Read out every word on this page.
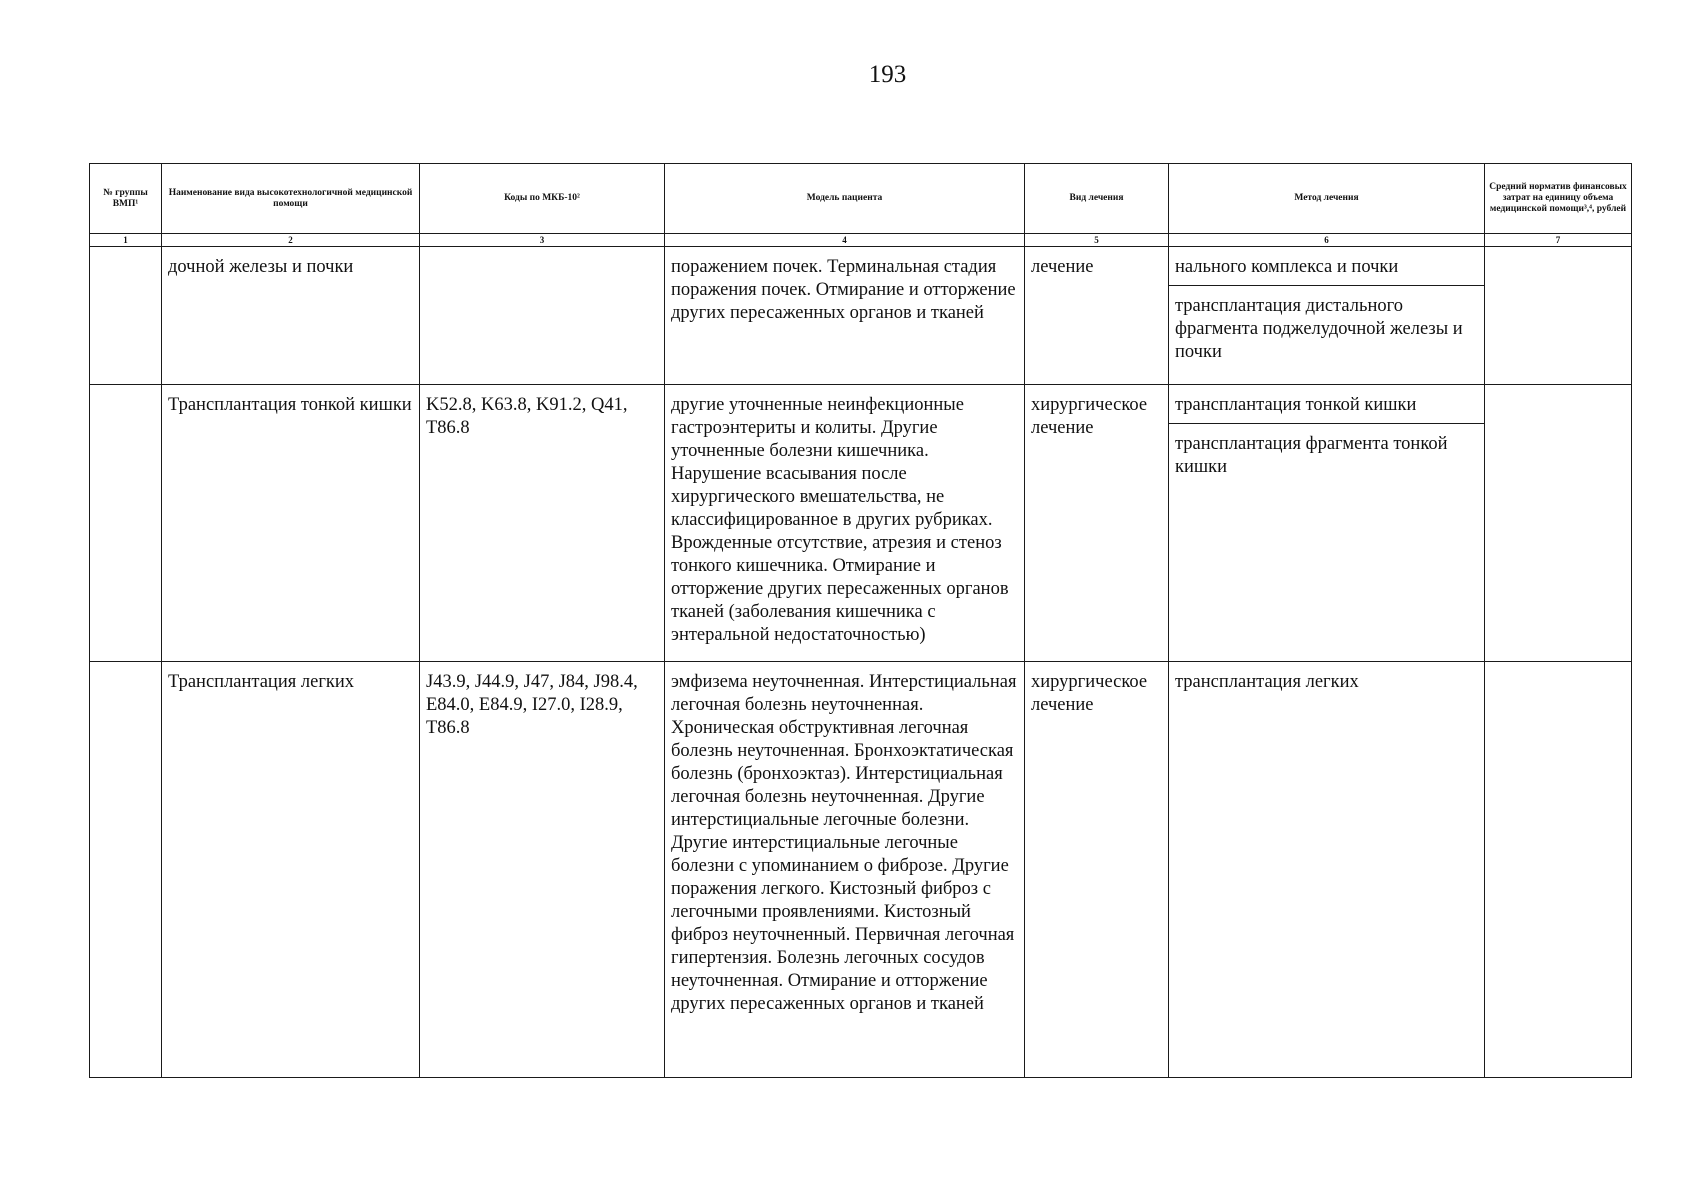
193
№ группы ВМП¹	Наименование вида высокотехнологичной медицинской помощи	Коды по МКБ-10²	Модель пациента	Вид лечения	Метод лечения	Средний норматив финансовых затрат на единицу объема медицинской помощи³,⁴, рублей
1	2	3	4	5	6	7

	дочной железы и почки		поражением почек. Терминальная стадия поражения почек. Отмирание и отторжение других пересаженных органов и тканей	лечение	нального комплекса и почки
трансплантация дистального фрагмента поджелудочной железы и почки	

	Трансплантация тонкой кишки	K52.8, K63.8, K91.2, Q41, T86.8	другие уточненные неинфекционные гастроэнтериты и колиты. Другие уточненные болезни кишечника. Нарушение всасывания после хирургического вмешательства, не классифицированное в других рубриках. Врожденные отсутствие, атрезия и стеноз тонкого кишечника. Отмирание и отторжение других пересаженных органов тканей (заболевания кишечника с энтеральной недостаточностью)	хирургическое лечение	трансплантация тонкой кишки
трансплантация фрагмента тонкой кишки	

	Трансплантация легких	J43.9, J44.9, J47, J84, J98.4, E84.0, E84.9, I27.0, I28.9, T86.8	эмфизема неуточненная. Интерстициальная легочная болезнь неуточненная. Хроническая обструктивная легочная болезнь неуточненная. Бронхоэктатическая болезнь (бронхоэктаз). Интерстициальная легочная болезнь неуточненная. Другие интерстициальные легочные болезни. Другие интерстициальные легочные болезни с упоминанием о фиброзе. Другие поражения легкого. Кистозный фиброз с легочными проявлениями. Кистозный фиброз неуточненный. Первичная легочная гипертензия. Болезнь легочных сосудов неуточненная. Отмирание и отторжение других пересаженных органов и тканей	хирургическое лечение	трансплантация легких	
